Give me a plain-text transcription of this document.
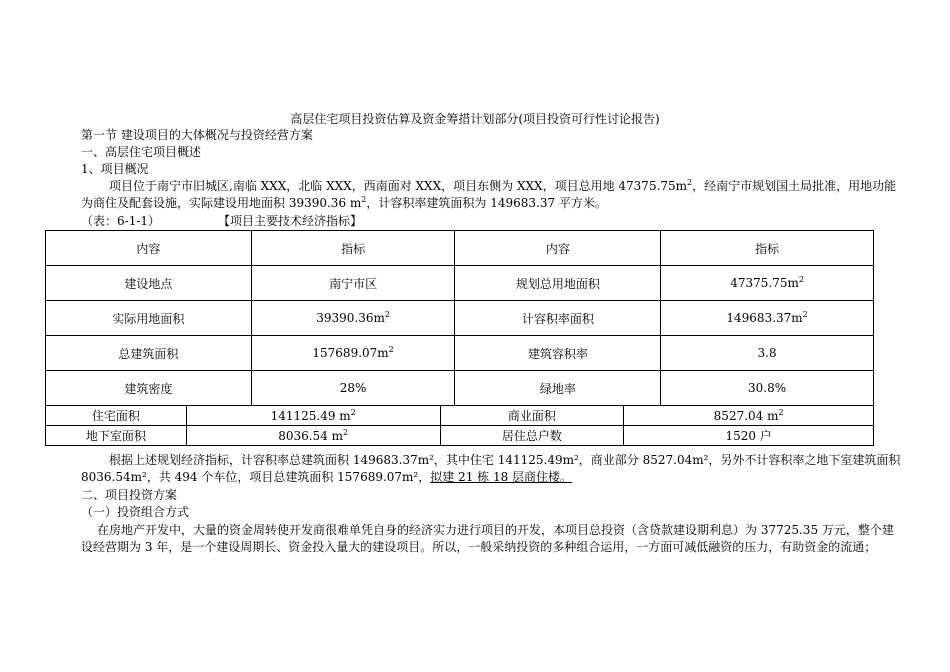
高层住宅项目投资估算及资金筹措计划部分(项目投资可行性讨论报告)
第一节 建设项目的大体概况与投资经营方案
一、高层住宅项目概述
1、项目概况
项目位于南宁市旧城区,南临 XXX，北临 XXX，西南面对 XXX，项目东侧为 XXX，项目总用地 $47375.75m^2$，经南宁市规划国土局批准，用地功能
为商住及配套设施，实际建设用地面积 39390.36 $m^2$，计容积率建筑面积为 149683.37 平方米。
（表：6-1-1）	【项目主要技术经济指标】
内容	指标	内容	指标
建设地点	南宁市区	规划总用地面积	$47375.75m^2$
实际用地面积	$39390.36m^2$	计容积率面积	$149683.37m^2$
总建筑面积	$157689.07m^2$	建筑容积率	3.8
建筑密度	28%	绿地率	30.8%
住宅面积	141125.49 $m^2$	商业面积	8527.04 $m^2$
地下室面积	8036.54 $m^2$	居住总户数	1520 户
根据上述规划经济指标，计容积率总建筑面积 149683.37m²，其中住宅 141125.49m²，商业部分 8527.04m²，另外不计容积率之地下室建筑面积
8036.54m²，共 494 个车位，项目总建筑面积 157689.07m²，拟建 21 栋 18 层商住楼。
二、项目投资方案
（一）投资组合方式
在房地产开发中，大量的资金周转使开发商很难单凭自身的经济实力进行项目的开发，本项目总投资（含贷款建设期利息）为 37725.35 万元，整个建
设经营期为 3 年，是一个建设周期长、资金投入量大的建设项目。所以，一般采纳投资的多种组合运用，一方面可减低融资的压力，有助资金的流通；
